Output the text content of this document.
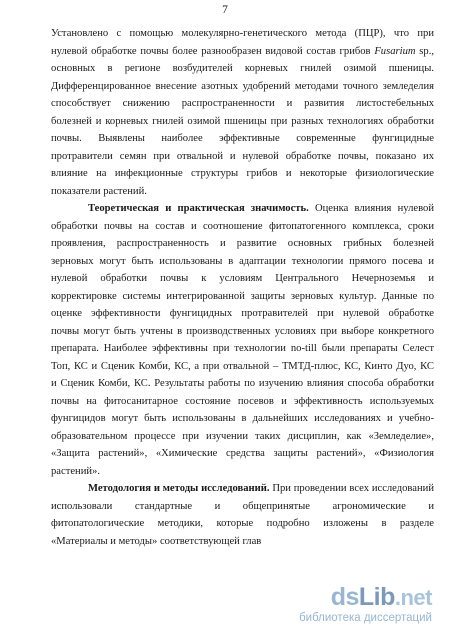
7
Установлено с помощью молекулярно-генетического метода (ПЦР), что при
нулевой обработке почвы более разнообразен видовой состав грибов Fusarium sp.,
основных в регионе возбудителей корневых гнилей озимой пшеницы.
Дифференцированное внесение азотных удобрений методами точного земледелия
способствует снижению распространенности и развития листостебельных
болезней и корневых гнилей озимой пшеницы при разных технологиях обработки
почвы. Выявлены наиболее эффективные современные фунгицидные
протравители семян при отвальной и нулевой обработке почвы, показано их
влияние на инфекционные структуры грибов и некоторые физиологические
показатели растений.
Теоретическая и практическая значимость. Оценка влияния нулевой
обработки почвы на состав и соотношение фитопатогенного комплекса, сроки
проявления, распространенность и развитие основных грибных болезней
зерновых могут быть использованы в адаптации технологии прямого посева и
нулевой обработки почвы к условиям Центрального Нечерноземья и
корректировке системы интегрированной защиты зерновых культур. Данные по
оценке эффективности фунгицидных протравителей при нулевой обработке
почвы могут быть учтены в производственных условиях при выборе конкретного
препарата. Наиболее эффективны при технологии no-till были препараты Селест
Топ, КС и Сценик Комби, КС, а при отвальной – ТМТД-плюс, КС, Кинто Дуо, КС
и Сценик Комби, КС. Результаты работы по изучению влияния способа обработки
почвы на фитосанитарное состояние посевов и эффективность используемых
фунгицидов могут быть использованы в дальнейших исследованиях и учебно-
образовательном процессе при изучении таких дисциплин, как «Земледелие»,
«Защита растений», «Химические средства защиты растений», «Физиология
растений».
Методология и методы исследований. При проведении всех исследований
использовали стандартные и общепринятые агрономические и
фитопатологические методики, которые подробно изложены в разделе
«Материалы и методы» соответствующей глав
dsLib.net
библиотека диссертаций
